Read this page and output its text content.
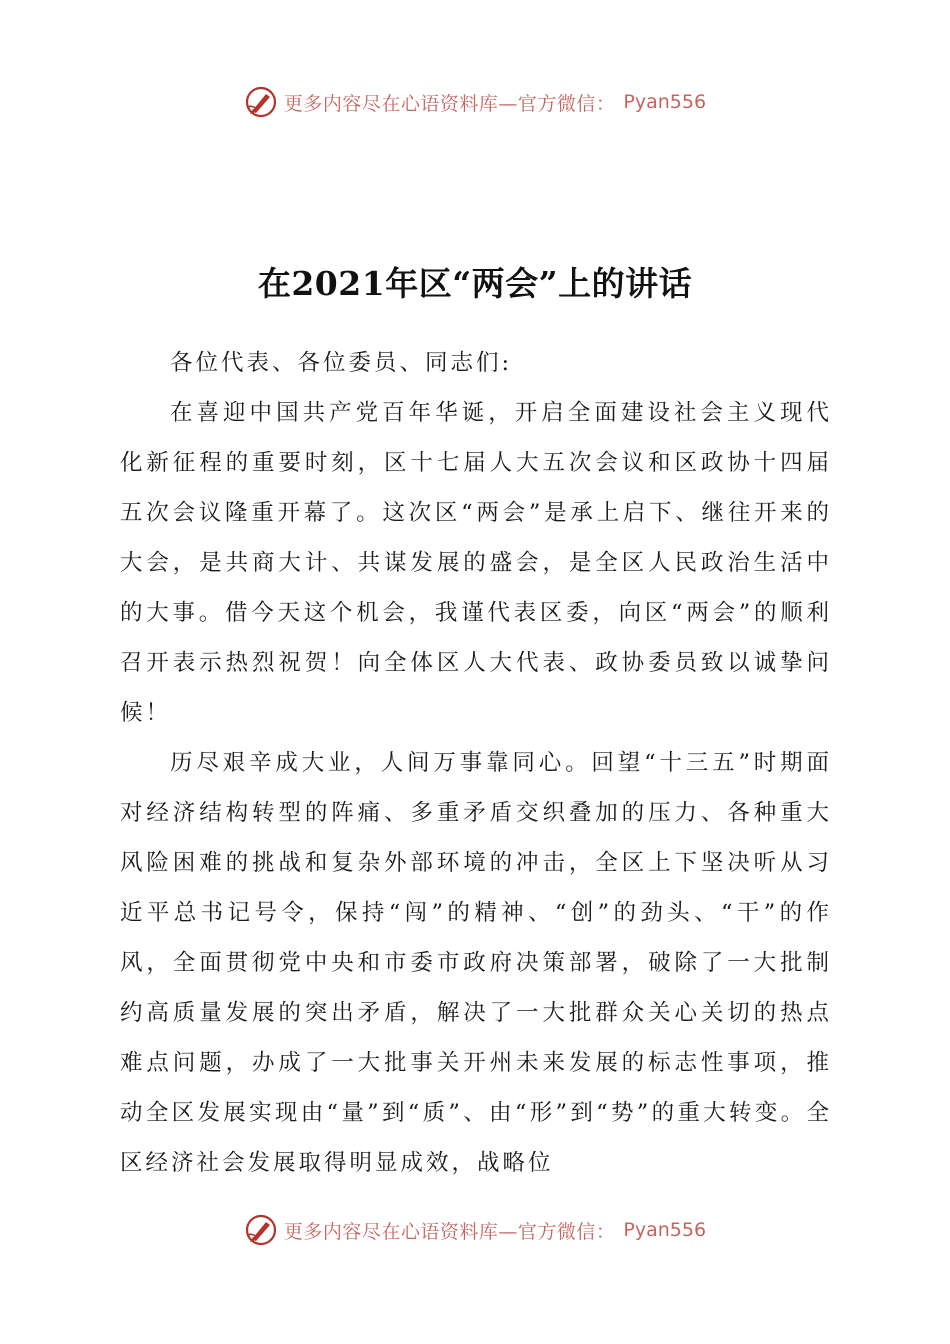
更多内容尽在心语资料库—官方微信： Pyan556
在2021年区“两会”上的讲话

各位代表、各位委员、同志们:

在喜迎中国共产党百年华诞，开启全面建设社会主义现代化新征程的重要时刻，区十七届人大五次会议和区政协十四届五次会议隆重开幕了。这次区“两会”是承上启下、继往开来的大会，是共商大计、共谋发展的盛会，是全区人民政治生活中的大事。借今天这个机会，我谨代表区委，向区“两会”的顺利召开表示热烈祝贺！向全体区人大代表、政协委员致以诚挚问候！

历尽艰辛成大业，人间万事靠同心。回望“十三五”时期面对经济结构转型的阵痛、多重矛盾交织叠加的压力、各种重大风险困难的挑战和复杂外部环境的冲击，全区上下坚决听从习近平总书记号令，保持“闯”的精神、“创”的劲头、“干”的作风，全面贯彻党中央和市委市政府决策部署，破除了一大批制约高质量发展的突出矛盾，解决了一大批群众关心关切的热点难点问题，办成了一大批事关开州未来发展的标志性事项，推动全区发展实现由“量”到“质”、由“形”到“势”的重大转变。全区经济社会发展取得明显成效，战略位

更多内容尽在心语资料库—官方微信： Pyan556
